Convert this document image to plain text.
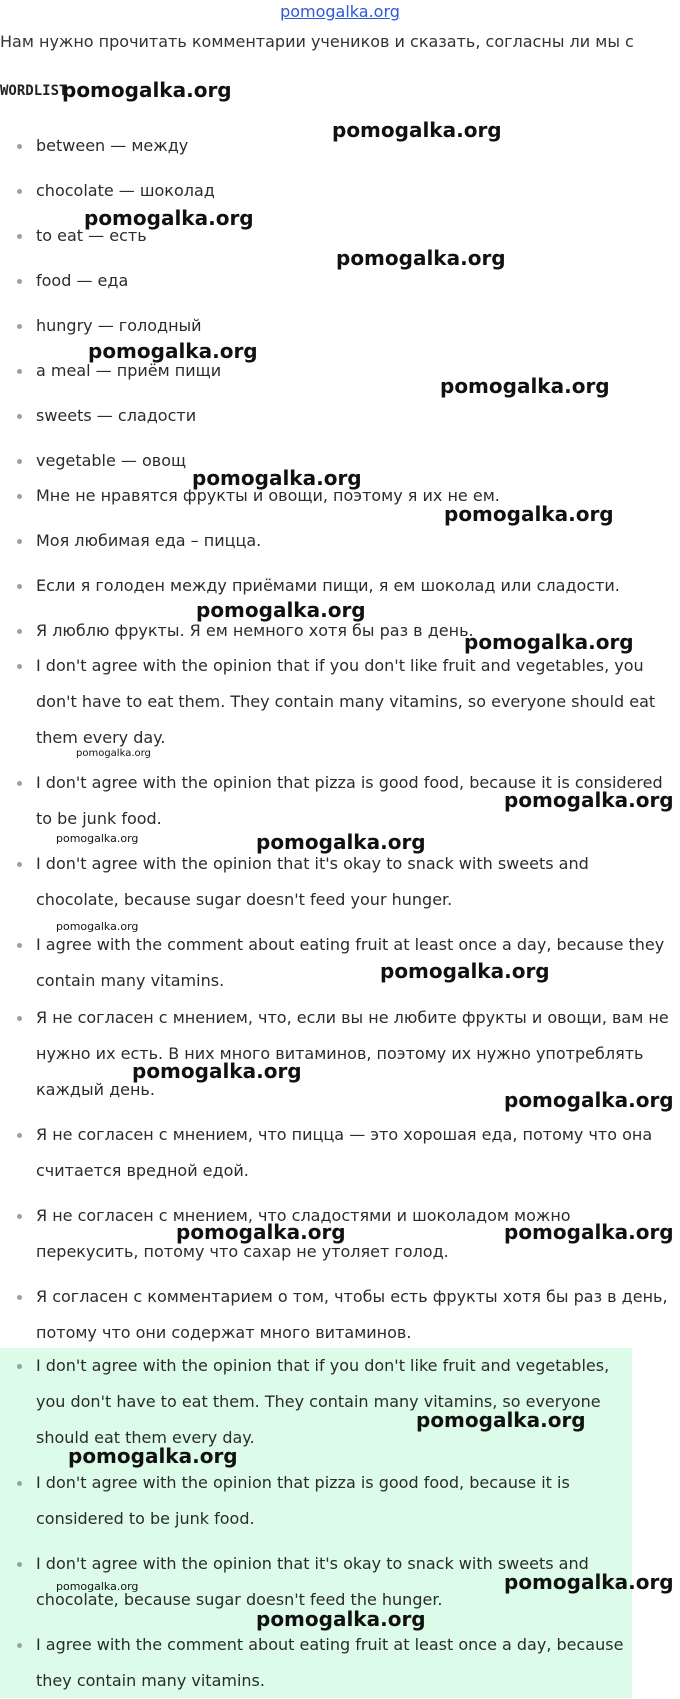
pomogalka.org
Нам нужно прочитать комментарии учеников и сказать, согласны ли мы с
WORDLIST
between — между
chocolate — шоколад
to eat — есть
food — еда
hungry — голодный
a meal — приём пищи
sweets — сладости
vegetable — овощ
Мне не нравятся фрукты и овощи, поэтому я их не ем.
Моя любимая еда – пицца.
Если я голоден между приёмами пищи, я ем шоколад или сладости.
Я люблю фрукты. Я ем немного хотя бы раз в день.
I don't agree with the opinion that if you don't like fruit and vegetables, you don't have to eat them. They contain many vitamins, so everyone should eat them every day.
I don't agree with the opinion that pizza is good food, because it is considered to be junk food.
I don't agree with the opinion that it's okay to snack with sweets and chocolate, because sugar doesn't feed your hunger.
I agree with the comment about eating fruit at least once a day, because they contain many vitamins.
Я не согласен с мнением, что, если вы не любите фрукты и овощи, вам не нужно их есть. В них много витаминов, поэтому их нужно употреблять каждый день.
Я не согласен с мнением, что пицца — это хорошая еда, потому что она считается вредной едой.
Я не согласен с мнением, что сладостями и шоколадом можно перекусить, потому что сахар не утоляет голод.
Я согласен с комментарием о том, чтобы есть фрукты хотя бы раз в день, потому что они содержат много витаминов.
I don't agree with the opinion that if you don't like fruit and vegetables, you don't have to eat them. They contain many vitamins, so everyone should eat them every day.
I don't agree with the opinion that pizza is good food, because it is considered to be junk food.
I don't agree with the opinion that it's okay to snack with sweets and chocolate, because sugar doesn't feed the hunger.
I agree with the comment about eating fruit at least once a day, because they contain many vitamins.
pomogalka.org
pomogalka.org
pomogalka.org
pomogalka.org
pomogalka.org
pomogalka.org
pomogalka.org
pomogalka.org
pomogalka.org
pomogalka.org
pomogalka.org
pomogalka.org
pomogalka.org	pomogalka.org
pomogalka.org
pomogalka.org
pomogalka.org
pomogalka.org
pomogalka.org	pomogalka.org
pomogalka.org
pomogalka.org
pomogalka.org	pomogalka.org
pomogalka.org
